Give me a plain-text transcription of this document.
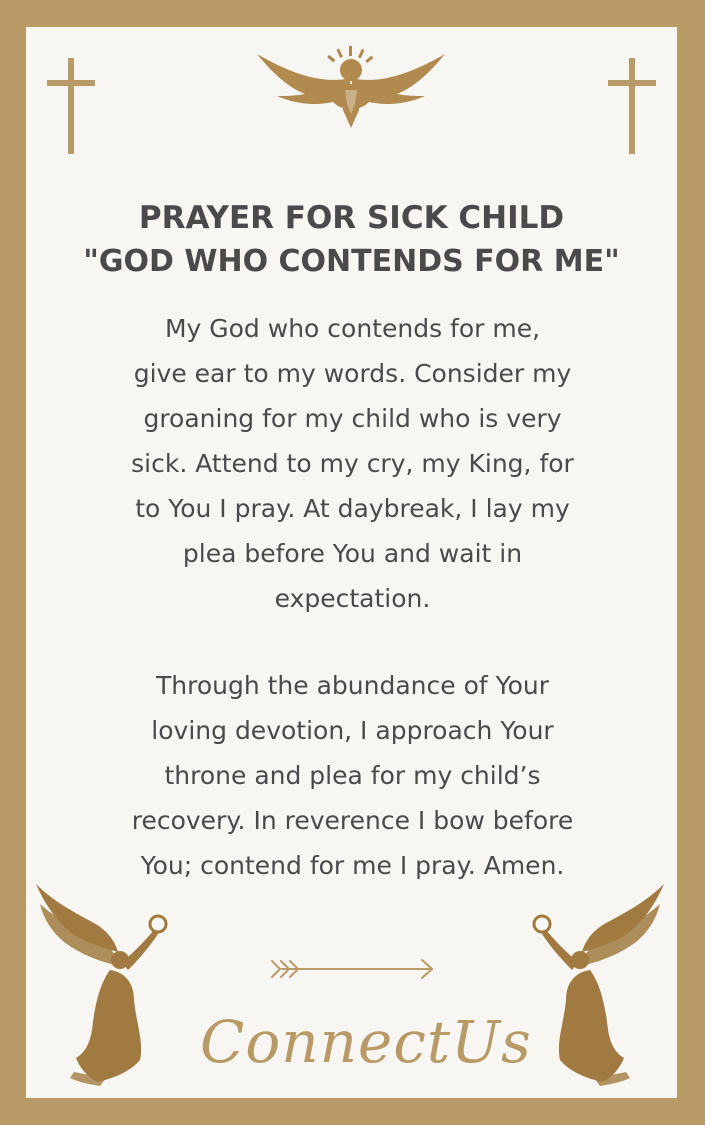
PRAYER FOR SICK CHILD
"GOD WHO CONTENDS FOR ME"
My God who contends for me,
give ear to my words. Consider my
groaning for my child who is very
sick. Attend to my cry, my King, for
to You I pray. At daybreak, I lay my
plea before You and wait in
expectation.
Through the abundance of Your
loving devotion, I approach Your
throne and plea for my child’s
recovery. In reverence I bow before
You; contend for me I pray. Amen.
ConnectUs
